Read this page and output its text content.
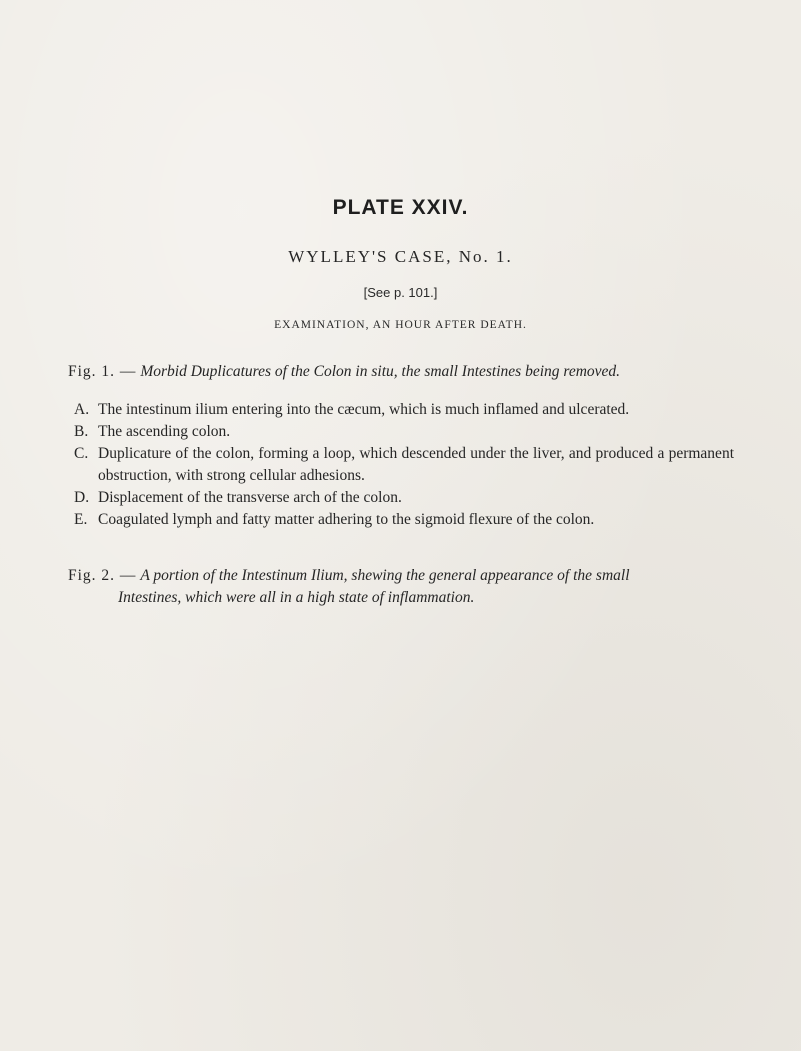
PLATE XXIV.
WYLLEY'S CASE, No. 1.
[See p. 101.]
EXAMINATION, AN HOUR AFTER DEATH.
Fig. 1. — Morbid Duplicatures of the Colon in situ, the small Intestines being removed.
A. The intestinum ilium entering into the cæcum, which is much inflamed and ulcerated.
B. The ascending colon.
C. Duplicature of the colon, forming a loop, which descended under the liver, and produced a permanent obstruction, with strong cellular adhesions.
D. Displacement of the transverse arch of the colon.
E. Coagulated lymph and fatty matter adhering to the sigmoid flexure of the colon.
Fig. 2. — A portion of the Intestinum Ilium, shewing the general appearance of the small
Intestines, which were all in a high state of inflammation.
